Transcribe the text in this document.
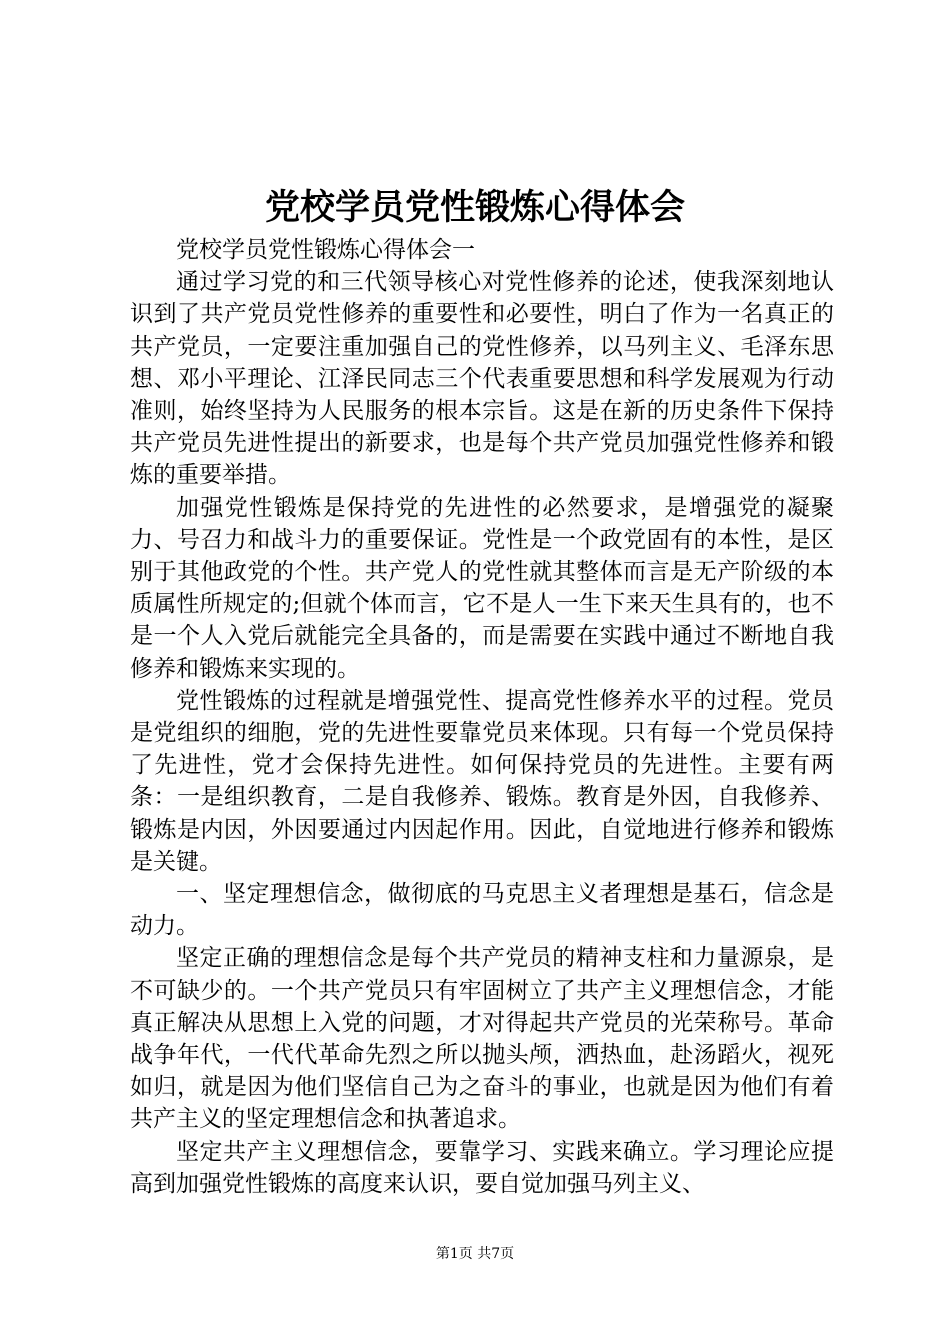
党校学员党性锻炼心得体会

党校学员党性锻炼心得体会一

通过学习党的和三代领导核心对党性修养的论述，使我深刻地认识到了共产党员党性修养的重要性和必要性，明白了作为一名真正的共产党员，一定要注重加强自己的党性修养，以马列主义、毛泽东思想、邓小平理论、江泽民同志三个代表重要思想和科学发展观为行动准则，始终坚持为人民服务的根本宗旨。这是在新的历史条件下保持共产党员先进性提出的新要求，也是每个共产党员加强党性修养和锻炼的重要举措。

加强党性锻炼是保持党的先进性的必然要求，是增强党的凝聚力、号召力和战斗力的重要保证。党性是一个政党固有的本性，是区别于其他政党的个性。共产党人的党性就其整体而言是无产阶级的本质属性所规定的;但就个体而言，它不是人一生下来天生具有的，也不是一个人入党后就能完全具备的，而是需要在实践中通过不断地自我修养和锻炼来实现的。

党性锻炼的过程就是增强党性、提高党性修养水平的过程。党员是党组织的细胞，党的先进性要靠党员来体现。只有每一个党员保持了先进性，党才会保持先进性。如何保持党员的先进性。主要有两条：一是组织教育，二是自我修养、锻炼。教育是外因，自我修养、锻炼是内因，外因要通过内因起作用。因此，自觉地进行修养和锻炼是关键。

一、坚定理想信念，做彻底的马克思主义者理想是基石，信念是动力。

坚定正确的理想信念是每个共产党员的精神支柱和力量源泉，是不可缺少的。一个共产党员只有牢固树立了共产主义理想信念，才能真正解决从思想上入党的问题，才对得起共产党员的光荣称号。革命战争年代，一代代革命先烈之所以抛头颅，洒热血，赴汤蹈火，视死如归，就是因为他们坚信自己为之奋斗的事业，也就是因为他们有着共产主义的坚定理想信念和执著追求。

坚定共产主义理想信念，要靠学习、实践来确立。学习理论应提高到加强党性锻炼的高度来认识，要自觉加强马列主义、

第1页 共7页
